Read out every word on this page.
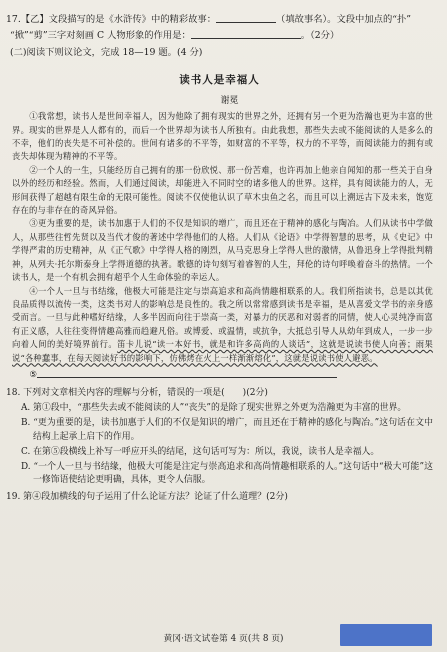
17.【乙】文段描写的是《水浒传》中的精彩故事：	（填故事名）。文段中加点的“扑”
“掀”“剪”三字对刻画 C 人物形象的作用是：	。（2分）
(二)阅读下则议论文，完成 18—19 题。(4 分)
读书人是幸福人
谢冕

①我常想，读书人是世间幸福人，因为他除了拥有现实的世界之外，还拥有另一个更为浩瀚也更为丰富的世界。现实的世界是人人都有的，而后一个世界却为读书人所独有。由此我想，那些失去或不能阅读的人是多么的不幸，他们的丧失是不可补偿的。世间有诸多的不平等，如财富的不平等，权力的不平等，而阅读能力的拥有或丧失却体现为精神的不平等。

②一个人的一生，只能经历自己拥有的那一份欣悦、那一份苦难，也许再加上他亲自闻知的那一些关于自身以外的经历和经验。然而，人们通过阅读，却能进入不同时空的诸多他人的世界。这样，具有阅读能力的人，无形间获得了超越有限生命的无限可能性。阅读不仅使他认识了草木虫鱼之名，而且可以上溯远古下及未来，饱览存在的与非存在的奇风异俗。

③更为重要的是，读书加惠于人们的不仅是知识的增广，而且还在于精神的感化与陶冶。人们从读书中学做人，从那些往哲先贤以及当代才俊的著述中学得他们的人格。人们从《论语》中学得智慧的思考，从《史记》中学得严肃的历史精神，从《正气歌》中学得人格的刚烈，从马克思身上学得人世的激情，从鲁迅身上学得批判精神，从列夫·托尔斯泰身上学得道德的执著。歌德的诗句刻写着睿智的人生，拜伦的诗句呼唤着奋斗的热情。一个读书人，是一个有机会拥有超乎个人生命体验的幸运人。

④一个人一旦与书结缘，他极大可能是注定与崇高追求和高尚情趣相联系的人。我们所指读书，总是以其优良品质得以流传一类，这类书对人的影响总是良性的。我之所以常常感到读书是幸福，是从喜爱文学书的亲身感受而言。一旦与此种嗜好结缘，人多半因而向往于崇高一类，对暴力的厌恶和对弱者的同情，使人心灵纯净而富有正义感，人往往变得情趣高雅而趋避凡俗。或博爱、或温情，或抗争，大抵总引导人从幼年到成人，一步一步向着人间的美好境界前行。笛卡儿说“读一本好书，就是和许多高尚的人谈话”，这就是说读书使人向善；雨果说“各种蠢事，在每天阅读好书的影响下，仿佛烤在火上一样渐渐熔化”，这就是说读书使人避恶。

⑤

18. 下列对文章相关内容的理解与分析，错误的一项是(　　)(2分)
A. 第①段中，“那些失去或不能阅读的人”“丧失”的是除了现实世界之外更为浩瀚更为丰富的世界。
B. “更为重要的是，读书加惠于人们的不仅是知识的增广，而且还在于精神的感化与陶冶。”这句话在文中结构上起承上启下的作用。
C. 在第⑤段横线上补写一呼应开头的结尾，这句话可写为：所以，我说，读书人是幸福人。
D. “一个人一旦与书结缘，他极大可能是注定与崇高追求和高尚情趣相联系的人。”这句话中“极大可能”这一修饰语使结论更明确，具体，更令人信服。
19. 第④段加横线的句子运用了什么论证方法？论证了什么道理？(2分)
黄冈·语文试卷第 4 页(共 8 页)
